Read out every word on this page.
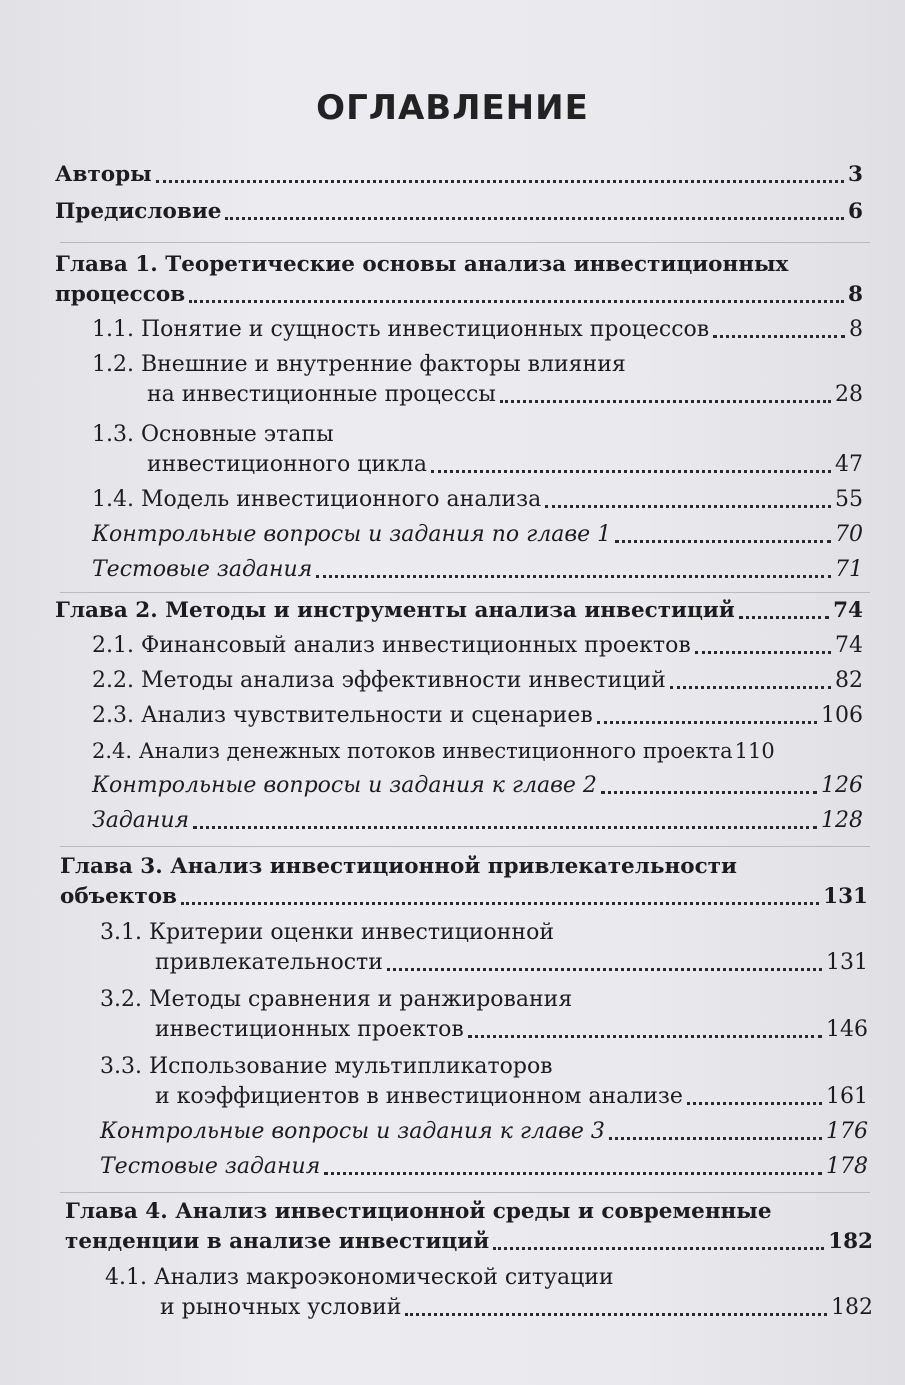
ОГЛАВЛЕНИЕ
Авторы	3
Предисловие	6
Глава 1. Теоретические основы анализа инвестиционных
процессов	8
1.1. Понятие и сущность инвестиционных процессов	8
1.2. Внешние и внутренние факторы влияния
на инвестиционные процессы	28
1.3. Основные этапы
инвестиционного цикла	47
1.4. Модель инвестиционного анализа	55
Контрольные вопросы и задания по главе 1	70
Тестовые задания	71
Глава 2. Методы и инструменты анализа инвестиций	74
2.1. Финансовый анализ инвестиционных проектов	74
2.2. Методы анализа эффективности инвестиций	82
2.3. Анализ чувствительности и сценариев	106
2.4. Анализ денежных потоков инвестиционного проекта 110
Контрольные вопросы и задания к главе 2	126
Задания	128
Глава 3. Анализ инвестиционной привлекательности
объектов	131
3.1. Критерии оценки инвестиционной
привлекательности	131
3.2. Методы сравнения и ранжирования
инвестиционных проектов	146
3.3. Использование мультипликаторов
и коэффициентов в инвестиционном анализе	161
Контрольные вопросы и задания к главе 3	176
Тестовые задания	178
Глава 4. Анализ инвестиционной среды и современные
тенденции в анализе инвестиций	182
4.1. Анализ макроэкономической ситуации
и рыночных условий	182
